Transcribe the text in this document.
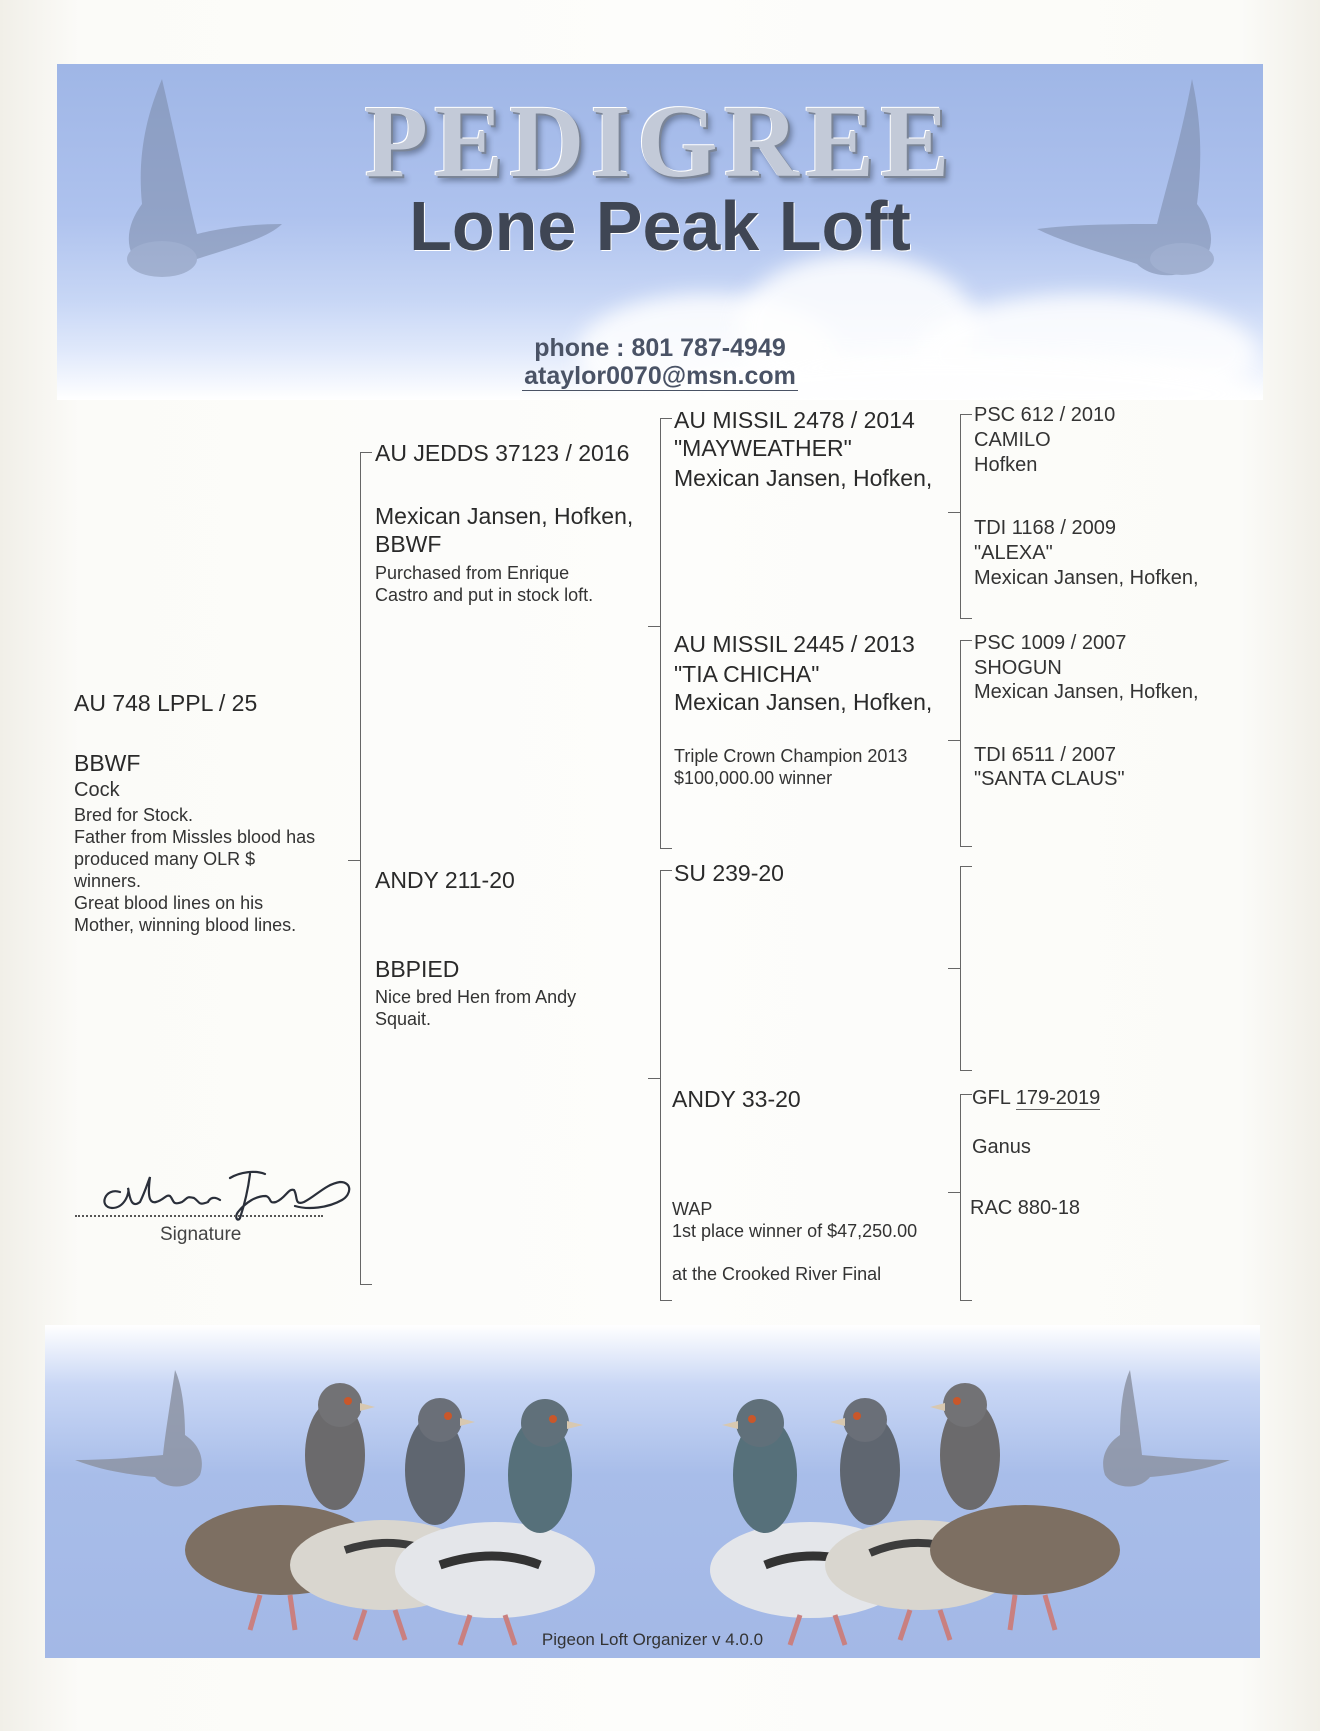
PEDIGREE
Lone Peak Loft
phone : 801 787-4949
ataylor0070@msn.com
AU 748 LPPL / 25
BBWF
Cock
Bred for Stock.
Father from Missles blood has
produced many OLR $
winners.
Great blood lines on his
Mother, winning blood lines.
AU JEDDS 37123 / 2016
Mexican Jansen, Hofken,
BBWF
Purchased from Enrique
Castro and put in stock loft.
ANDY 211-20
BBPIED
Nice bred Hen from Andy
Squait.
AU MISSIL 2478 / 2014
"MAYWEATHER"
Mexican Jansen, Hofken,
AU MISSIL 2445 / 2013
"TIA CHICHA"
Mexican Jansen, Hofken,
Triple Crown Champion 2013
$100,000.00 winner
SU 239-20
ANDY 33-20
WAP
1st place winner of $47,250.00
at the Crooked River Final
PSC 612 / 2010
CAMILO
Hofken
TDI 1168 / 2009
"ALEXA"
Mexican Jansen, Hofken,
PSC 1009 / 2007
SHOGUN
Mexican Jansen, Hofken,
TDI 6511 / 2007
"SANTA CLAUS"
GFL 179-2019
Ganus
RAC 880-18
Signature
Pigeon Loft Organizer v 4.0.0
